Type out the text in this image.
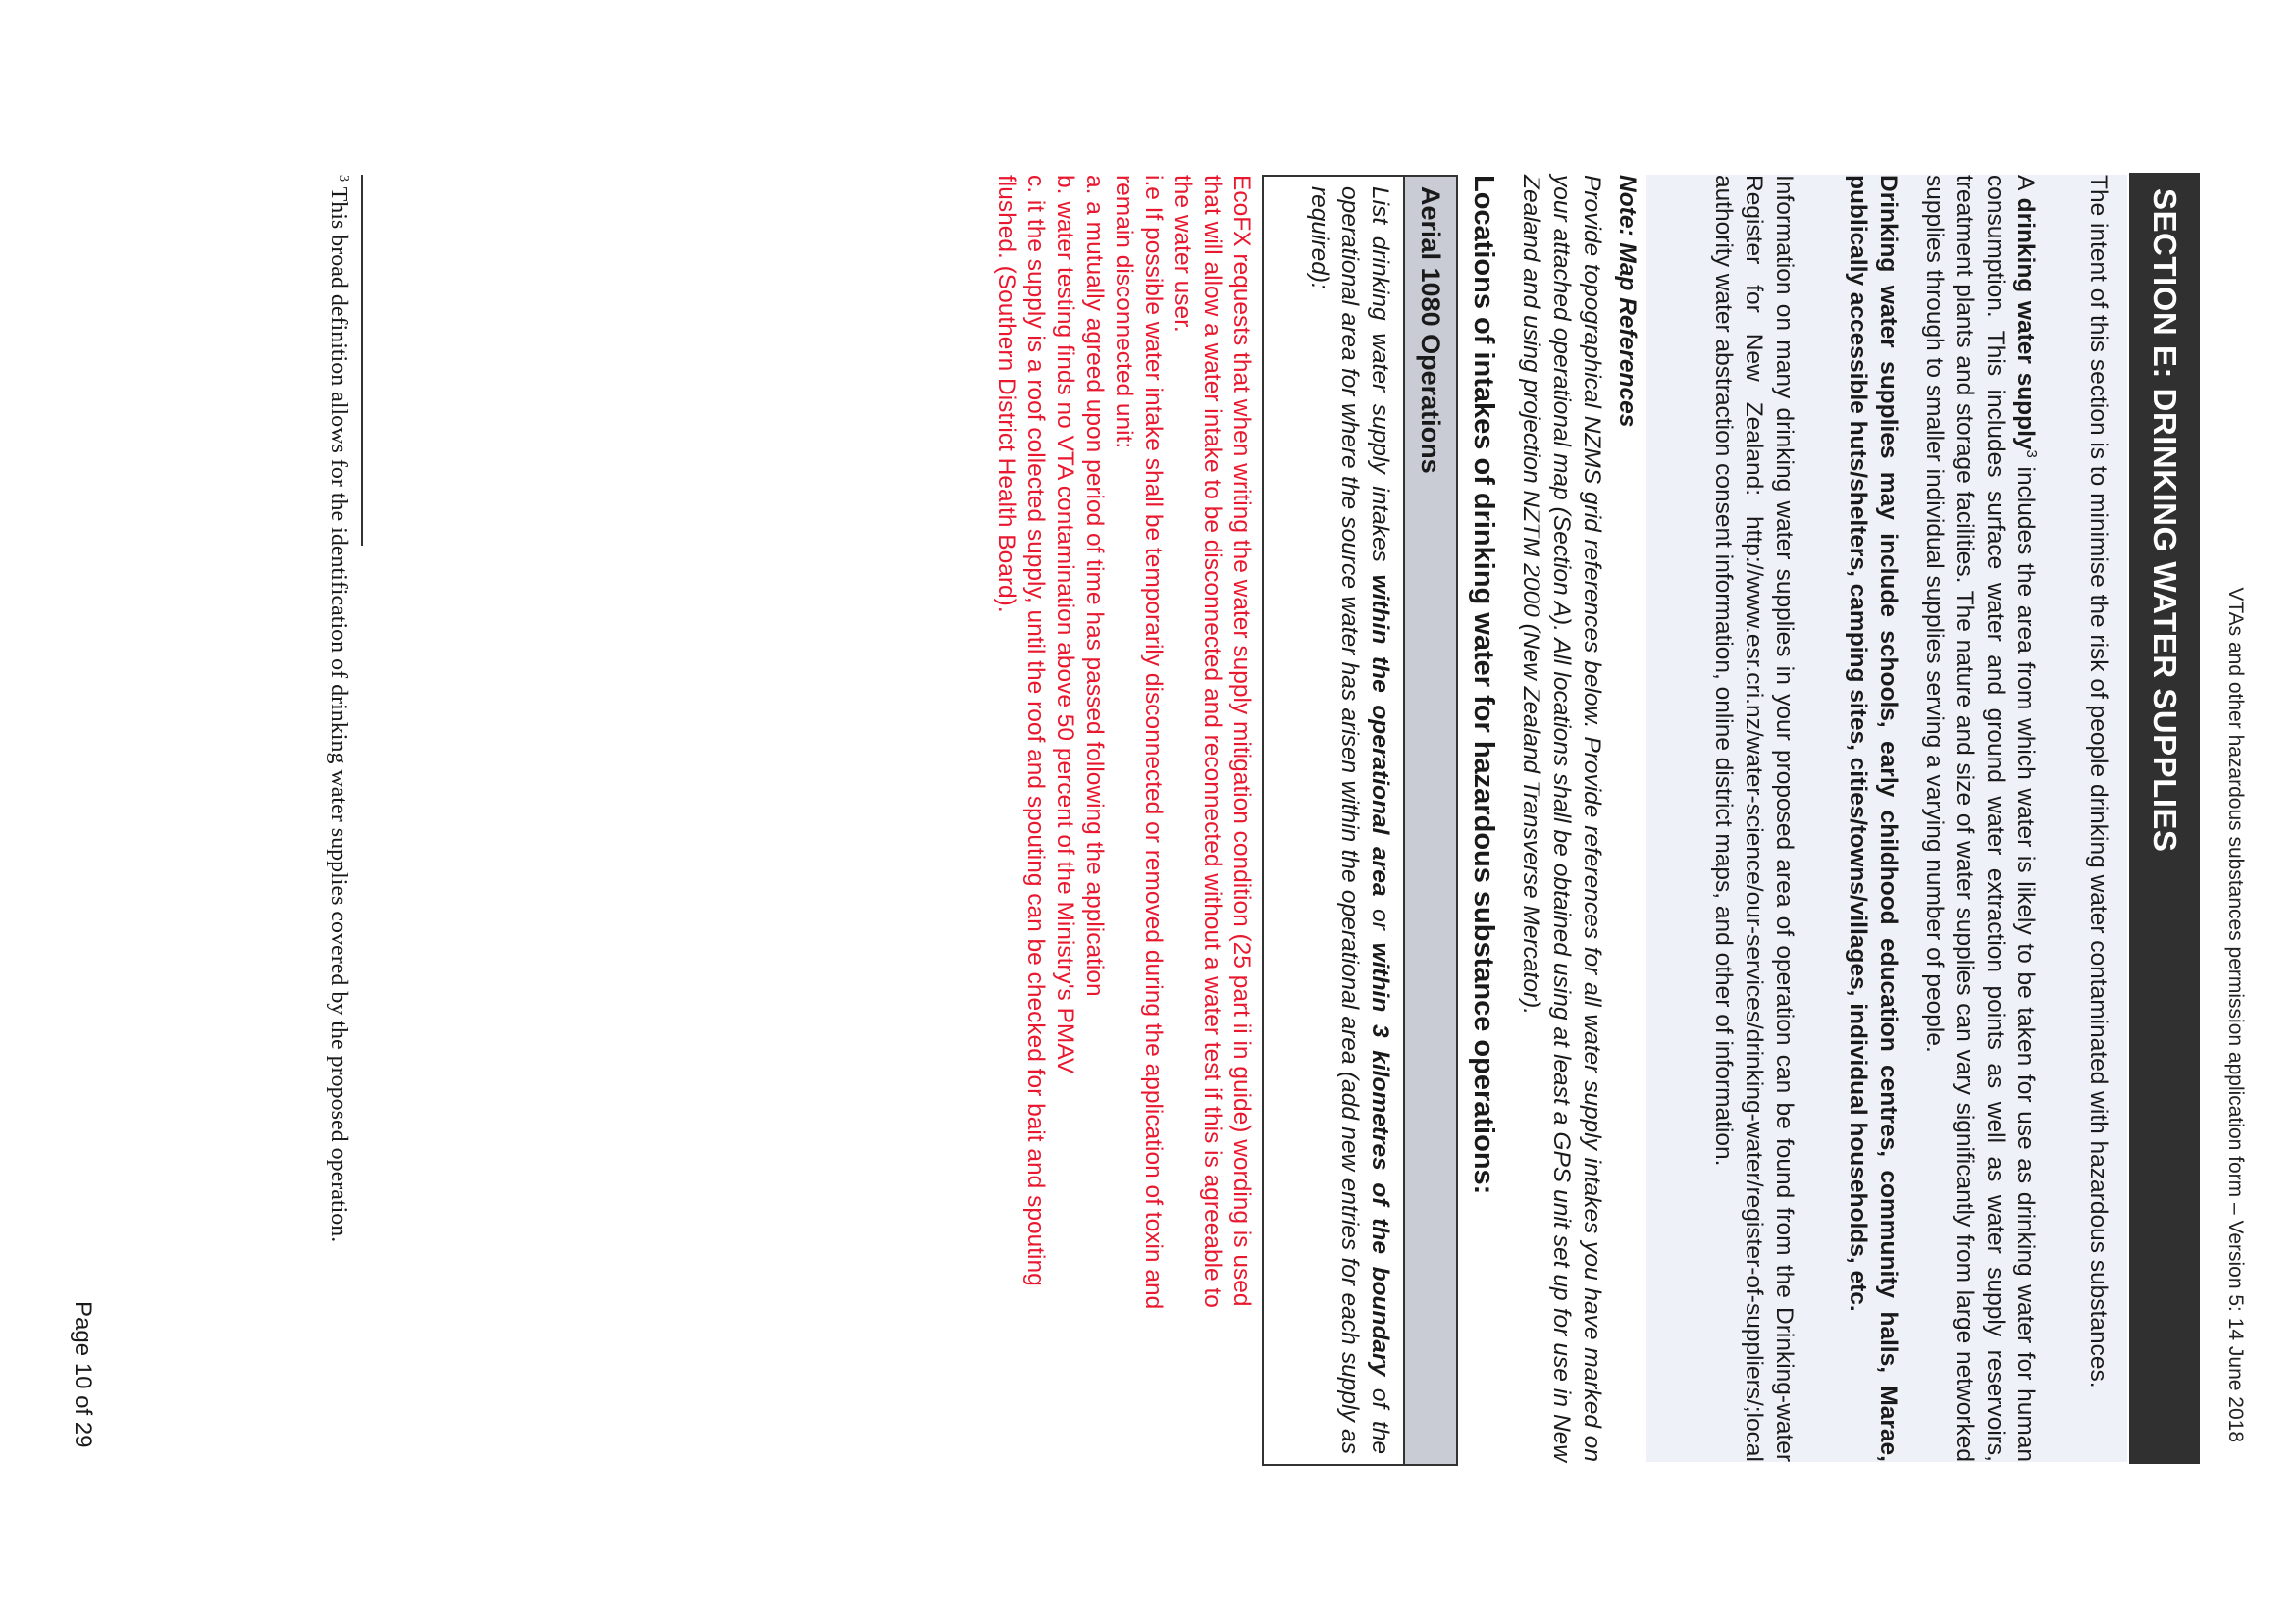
VTAs and other hazardous substances permission application form – Version 5: 14 June 2018
SECTION E: DRINKING WATER SUPPLIES

The intent of this section is to minimise the risk of people drinking water contaminated with hazardous substances.

A drinking water supply$^3$ includes the area from which water is likely to be taken for use as drinking water for human consumption. This includes surface water and ground water extraction points as well as water supply reservoirs, treatment plants and storage facilities. The nature and size of water supplies can vary significantly from large networked supplies through to smaller individual supplies serving a varying number of people.

Drinking water supplies may include schools, early childhood education centres, community halls, Marae, publically accessible huts/shelters, camping sites, cities/towns/villages, individual households, etc.

Information on many drinking water supplies in your proposed area of operation can be found from the Drinking-water Register for New Zealand: http://www.esr.cri.nz/water-science/our-services/drinking-water/register-of-suppliers/;local authority water abstraction consent information, online district maps, and other of information.

Note: Map References

Provide topographical NZMS grid references below. Provide references for all water supply intakes you have marked on your attached operational map (Section A). All locations shall be obtained using at least a GPS unit set up for use in New Zealand and using projection NZTM 2000 (New Zealand Transverse Mercator).

Locations of intakes of drinking water for hazardous substance operations:
Aerial 1080 Operations
List drinking water supply intakes within the operational area or within 3 kilometres of the boundary of the operational area for where the source water has arisen within the operational area (add new entries for each supply as required):
EcoFX requests that when writing the water supply mitigation condition (25 part ii in guide) wording is used
that will allow a water intake to be disconnected and reconnected without a water test if this is agreeable to
the water user.
i.e If possible water intake shall be temporarily disconnected or removed during the application of toxin and
remain disconnected unit:
a. a mutually agreed upon period of time has passed following the application
b. water testing finds no VTA contamination above 50 percent of the Ministry's PMAV
c. it the supply is a roof collected supply, until the roof and spouting can be checked for bait and spouting
flushed. (Southern District Health Board).
$^3$ This broad definition allows for the identification of drinking water supplies covered by the proposed operation.
Page 10 of 29
